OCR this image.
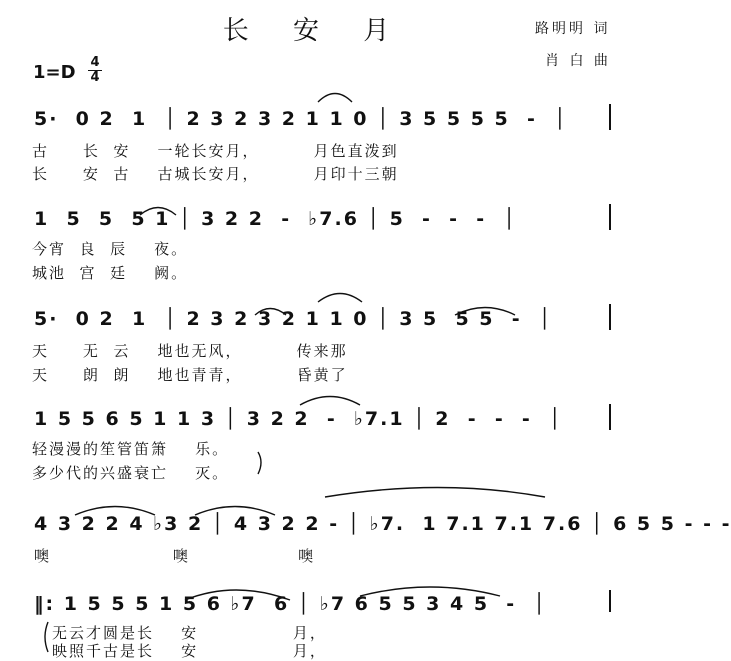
长 安 月	路明明 词
肖 白 曲
$1=D \frac{4}{4}$
5·  0 2  1  │ 2 3 2 3 2 1 1 0 │ 3 5 5 5 5  -  │
古     长  安    一轮长安月，        月色直泼到
长     安  古    古城长安月，        月印十三朝
1  5  5  5 1 │ 3 2 2  -  ♭7.6 │ 5  -  -  -  │
今宵  良  辰    夜。
城池  宫  廷    阙。
5·  0 2  1  │ 2 3 2 3 2 1 1 0 │ 3 5  5 5  -  │
天     无  云    地也无风，        传来那
天     朗  朗    地也青青，        昏黄了
1 5 5 6 5 1 1 3 │ 3 2 2  -  ♭7.1 │ 2  -  -  -  │
轻漫漫的笙管笛箫    乐。
多少代的兴盛衰亡    灭。
4 3 2 2 4 ♭3 2 │ 4 3 2 2 - │ ♭7.  1 7.1 7.1 7.6 │ 6 5 5 - - -
噢                  噢                噢
‖: 1 5 5 5 1 5 6 ♭7  6 │ ♭7 6 5 5 3 4 5  -  │
无云才圆是长    安              月，
映照千古是长    安              月，
